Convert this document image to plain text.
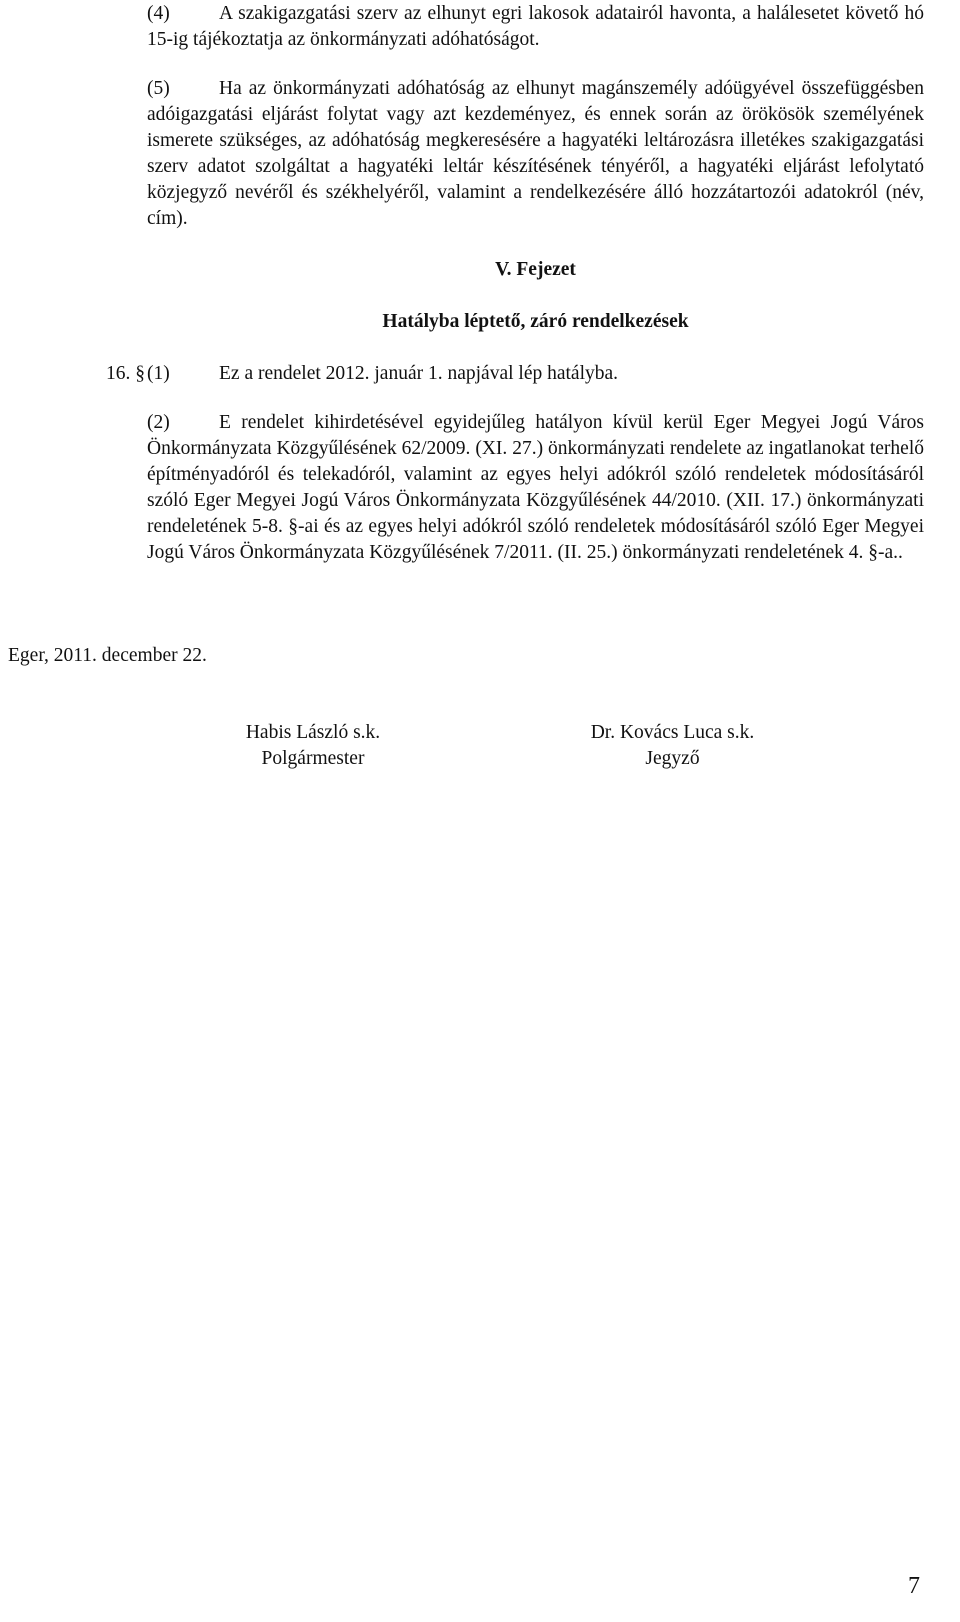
(4)	A szakigazgatási szerv az elhunyt egri lakosok adatairól havonta, a halálesetet követő hó 15-ig tájékoztatja az önkormányzati adóhatóságot.

(5)	Ha az önkormányzati adóhatóság az elhunyt magánszemély adóügyével összefüggésben adóigazgatási eljárást folytat vagy azt kezdeményez, és ennek során az örökösök személyének ismerete szükséges, az adóhatóság megkeresésére a hagyatéki leltározásra illetékes szakigazgatási szerv adatot szolgáltat a hagyatéki leltár készítésének tényéről, a hagyatéki eljárást lefolytató közjegyző nevéről és székhelyéről, valamint a rendelkezésére álló hozzátartozói adatokról (név, cím).

V. Fejezet

Hatályba léptető, záró rendelkezések

16. § (1)	Ez a rendelet 2012. január 1. napjával lép hatályba.

(2)	E rendelet kihirdetésével egyidejűleg hatályon kívül kerül Eger Megyei Jogú Város Önkormányzata Közgyűlésének 62/2009. (XI. 27.) önkormányzati rendelete az ingatlanokat terhelő építményadóról és telekadóról, valamint az egyes helyi adókról szóló rendeletek módosításáról szóló Eger Megyei Jogú Város Önkormányzata Közgyűlésének 44/2010. (XII. 17.) önkormányzati rendeletének 5-8. §-ai és az egyes helyi adókról szóló rendeletek módosításáról szóló Eger Megyei Jogú Város Önkormányzata Közgyűlésének 7/2011. (II. 25.) önkormányzati rendeletének 4. §-a..

Eger, 2011. december 22.
Habis László s.k.
Polgármester
Dr. Kovács Luca s.k.
Jegyző
7
